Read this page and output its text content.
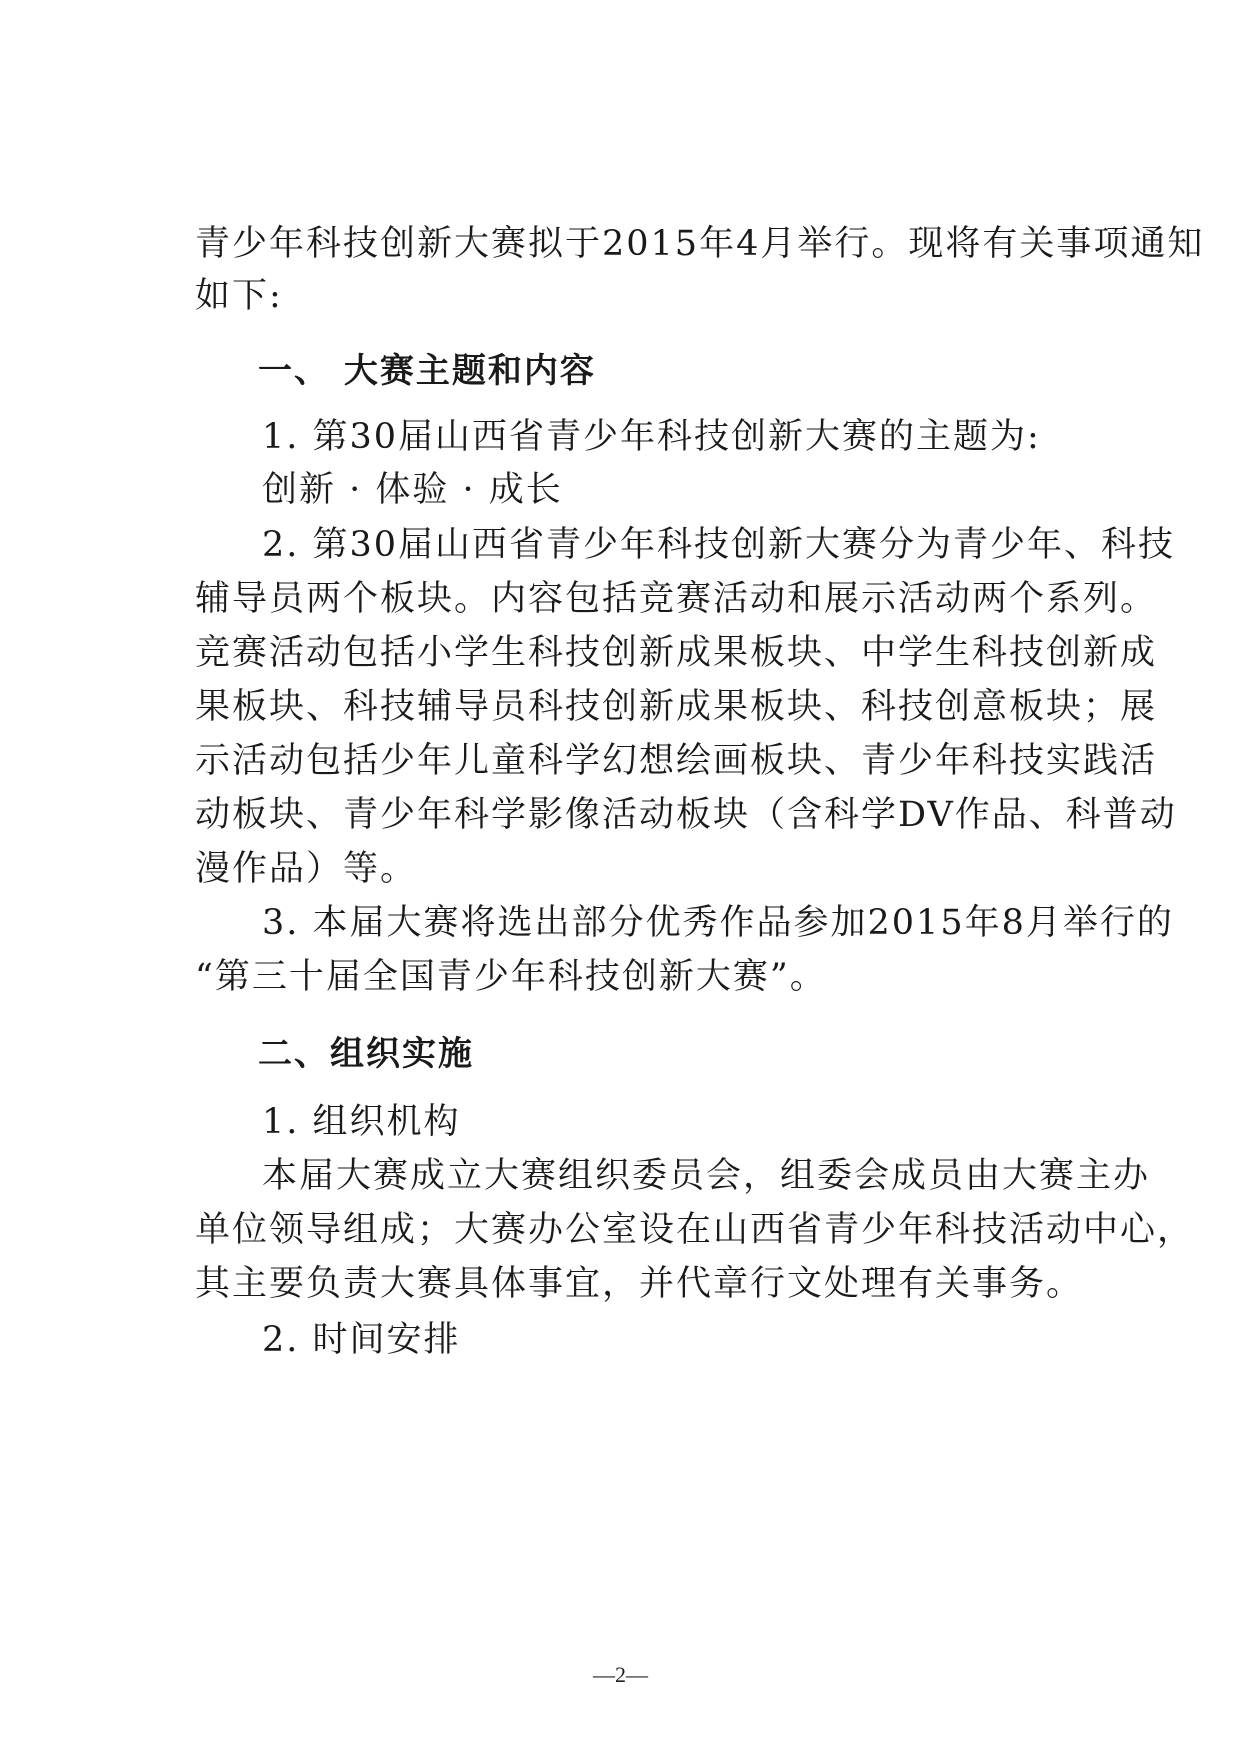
青少年科技创新大赛拟于2015年4月举行。现将有关事项通知
如下:
一、 大赛主题和内容
1. 第30届山西省青少年科技创新大赛的主题为:
创新 · 体验 · 成长
2. 第30届山西省青少年科技创新大赛分为青少年、科技
辅导员两个板块。内容包括竞赛活动和展示活动两个系列。
竞赛活动包括小学生科技创新成果板块、中学生科技创新成
果板块、科技辅导员科技创新成果板块、科技创意板块；展
示活动包括少年儿童科学幻想绘画板块、青少年科技实践活
动板块、青少年科学影像活动板块（含科学DV作品、科普动
漫作品）等。
3. 本届大赛将选出部分优秀作品参加2015年8月举行的
“第三十届全国青少年科技创新大赛”。
二、组织实施
1. 组织机构
本届大赛成立大赛组织委员会，组委会成员由大赛主办
单位领导组成；大赛办公室设在山西省青少年科技活动中心，
其主要负责大赛具体事宜，并代章行文处理有关事务。
2. 时间安排
—2—
